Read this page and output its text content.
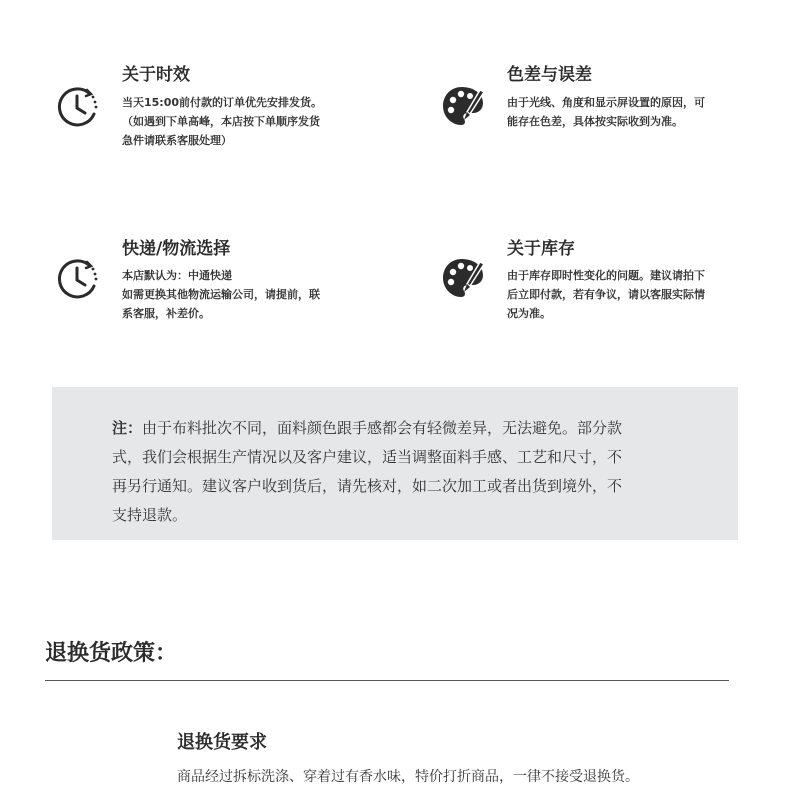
关于时效
当天15:00前付款的订单优先安排发货。
（如遇到下单高峰，本店按下单顺序发货
急件请联系客服处理）
色差与误差
由于光线、角度和显示屏设置的原因，可
能存在色差，具体按实际收到为准。
快递/物流选择
本店默认为：中通快递
如需更换其他物流运输公司，请提前，联
系客服，补差价。
关于库存
由于库存即时性变化的问题。建议请拍下
后立即付款，若有争议，请以客服实际情
况为准。
注：由于布料批次不同，面料颜色跟手感都会有轻微差异，无法避免。部分款
式，我们会根据生产情况以及客户建议，适当调整面料手感、工艺和尺寸，不
再另行通知。建议客户收到货后，请先核对，如二次加工或者出货到境外，不
支持退款。
退换货政策：
退换货要求
商品经过拆标洗涤、穿着过有香水味，特价打折商品，一律不接受退换货。
